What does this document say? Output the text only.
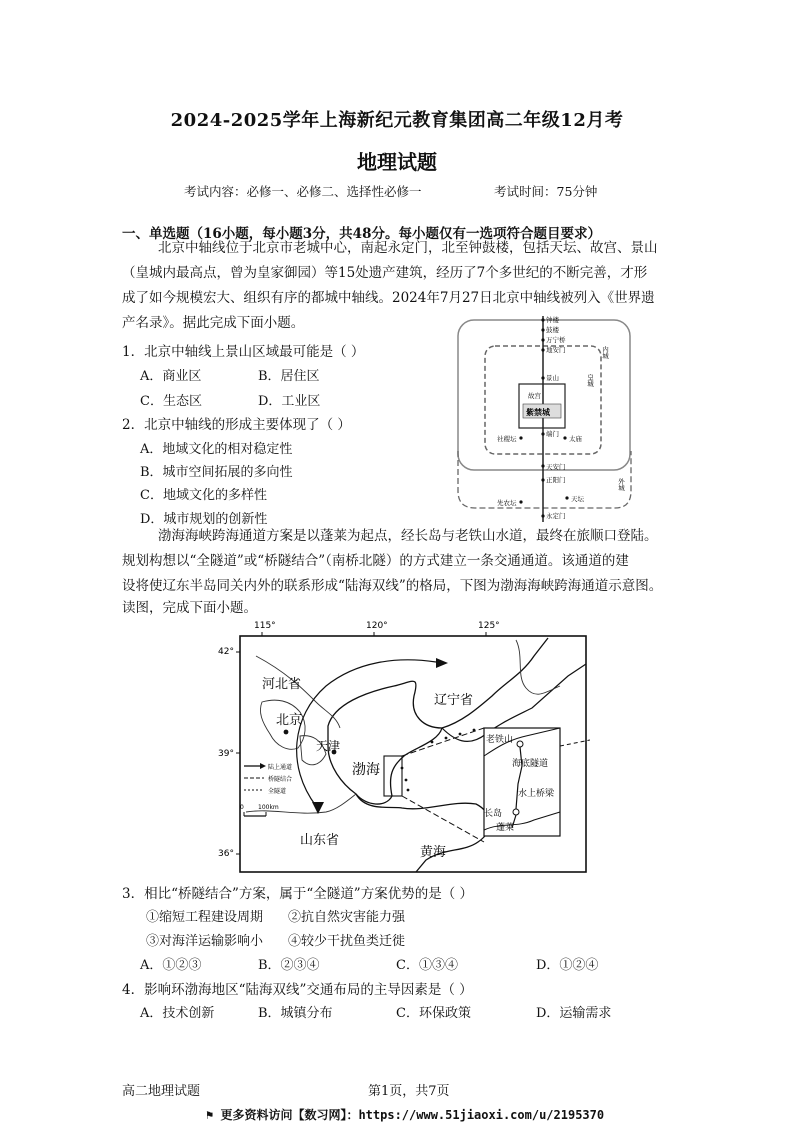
2024-2025学年上海新纪元教育集团高二年级12月考
地理试题
考试内容：必修一、必修二、选择性必修一	考试时间：75分钟
一、单选题（16小题，每小题3分，共48分。每小题仅有一选项符合题目要求）
北京中轴线位于北京市老城中心，南起永定门，北至钟鼓楼，包括天坛、故宫、景山
（皇城内最高点，曾为皇家御园）等15处遗产建筑，经历了7个多世纪的不断完善，才形
成了如今规模宏大、组织有序的都城中轴线。2024年7月27日北京中轴线被列入《世界遗
产名录》。据此完成下面小题。
1．北京中轴线上景山区域最可能是（ ）
A．商业区	B．居住区
C．生态区	D．工业区
2．北京中轴线的形成主要体现了（ ）
A．地域文化的相对稳定性
B．城市空间拓展的多向性
C．地域文化的多样性
D．城市规划的创新性
钟楼
鼓楼
万宁桥
地安门
景山
故宫
紫禁城
端门
太庙
社稷坛
天安门
正阳门
天坛
先农坛
永定门
内城
皇城
外城
渤海海峡跨海通道方案是以蓬莱为起点，经长岛与老铁山水道，最终在旅顺口登陆。
规划构想以“全隧道”或“桥隧结合”（南桥北隧）的方式建立一条交通通道。该通道的建
设将使辽东半岛同关内外的联系形成“陆海双线”的格局，下图为渤海海峡跨海通道示意图。
读图，完成下面小题。
115°	120°	125°
42°
39°
36°
陆上通道
桥隧结合
全隧道
0 100km
河北省
北京
天津
渤海
辽宁省
山东省
黄海
老铁山
海底隧道
水上桥梁
长岛
蓬莱
3．相比“桥隧结合”方案，属于“全隧道”方案优势的是（ ）
①缩短工程建设周期 ②抗自然灾害能力强
③对海洋运输影响小 ④较少干扰鱼类迁徙
A．①②③	B．②③④	C．①③④	D．①②④
4．影响环渤海地区“陆海双线”交通布局的主导因素是（ ）
A．技术创新	B．城镇分布	C．环保政策	D．运输需求
高二地理试题	第1页，共7页
⚑ 更多资料访问【数习网】：https://www.51jiaoxi.com/u/2195370
